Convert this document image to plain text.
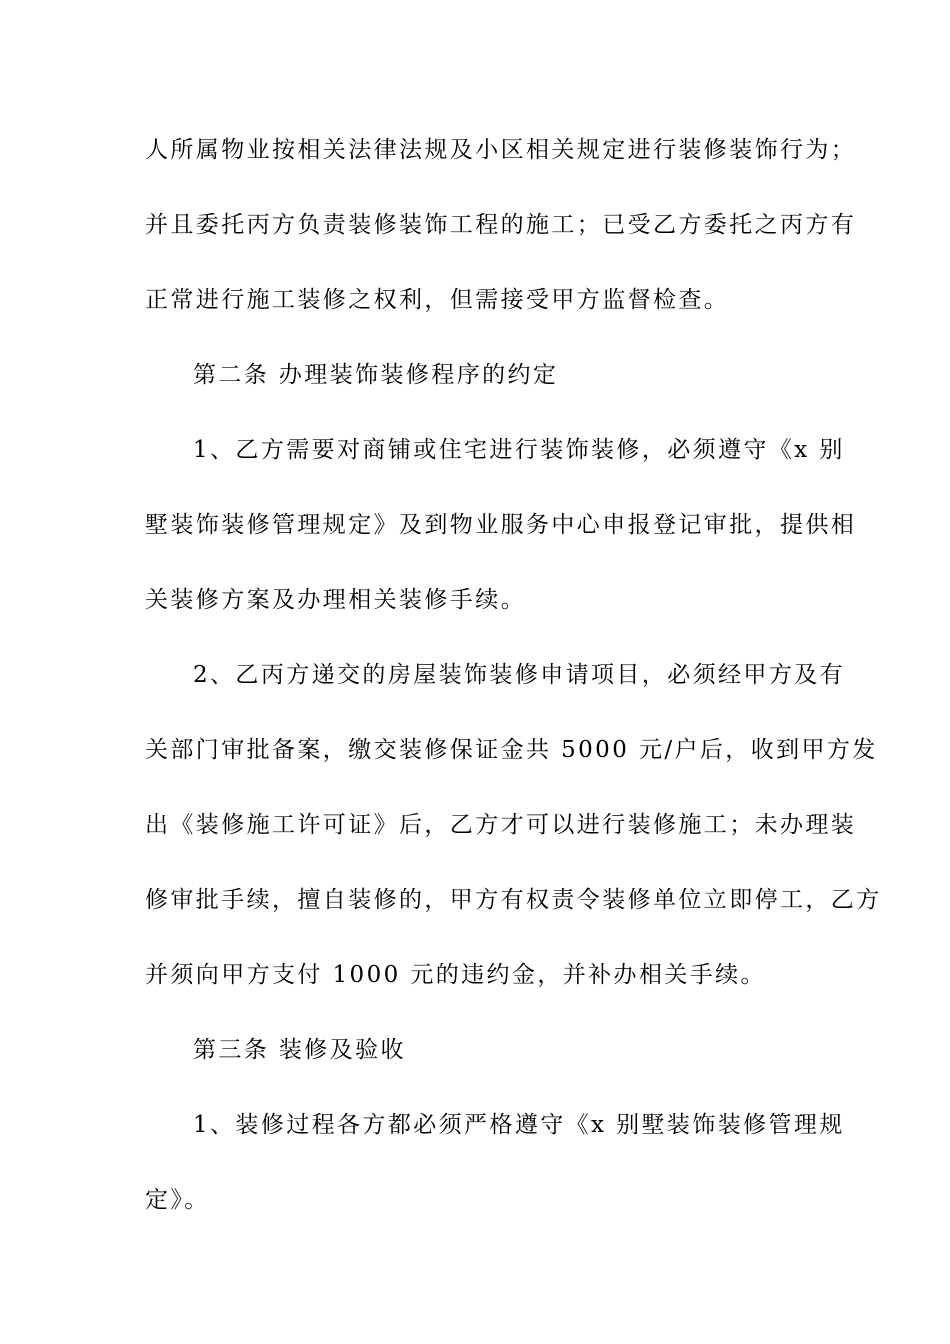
人所属物业按相关法律法规及小区相关规定进行装修装饰行为；
并且委托丙方负责装修装饰工程的施工；已受乙方委托之丙方有
正常进行施工装修之权利，但需接受甲方监督检查。
第二条 办理装饰装修程序的约定
1、乙方需要对商铺或住宅进行装饰装修，必须遵守《x 别
墅装饰装修管理规定》及到物业服务中心申报登记审批，提供相
关装修方案及办理相关装修手续。
2、乙丙方递交的房屋装饰装修申请项目，必须经甲方及有
关部门审批备案，缴交装修保证金共 5000 元/户后，收到甲方发
出《装修施工许可证》后，乙方才可以进行装修施工；未办理装
修审批手续，擅自装修的，甲方有权责令装修单位立即停工，乙方
并须向甲方支付 1000 元的违约金，并补办相关手续。
第三条 装修及验收
1、装修过程各方都必须严格遵守《x 别墅装饰装修管理规
定》。
